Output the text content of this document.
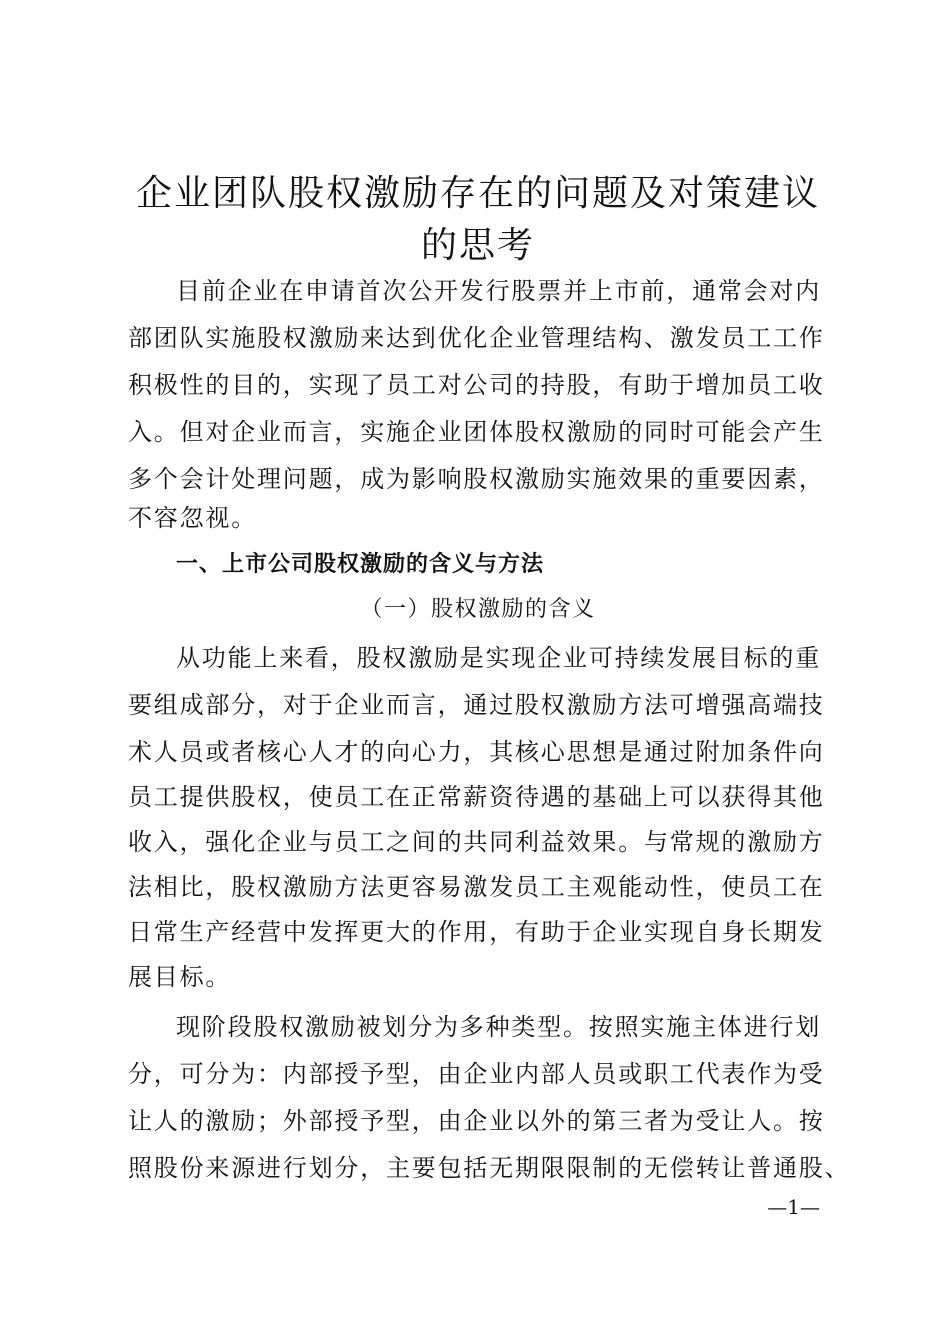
企业团队股权激励存在的问题及对策建议的思考
目前企业在申请首次公开发行股票并上市前，通常会对内
部团队实施股权激励来达到优化企业管理结构、激发员工工作
积极性的目的，实现了员工对公司的持股，有助于增加员工收
入。但对企业而言，实施企业团体股权激励的同时可能会产生
多个会计处理问题，成为影响股权激励实施效果的重要因素，
不容忽视。
一、上市公司股权激励的含义与方法
（一）股权激励的含义
从功能上来看，股权激励是实现企业可持续发展目标的重
要组成部分，对于企业而言，通过股权激励方法可增强高端技
术人员或者核心人才的向心力，其核心思想是通过附加条件向
员工提供股权，使员工在正常薪资待遇的基础上可以获得其他
收入，强化企业与员工之间的共同利益效果。与常规的激励方
法相比，股权激励方法更容易激发员工主观能动性，使员工在
日常生产经营中发挥更大的作用，有助于企业实现自身长期发
展目标。
现阶段股权激励被划分为多种类型。按照实施主体进行划
分，可分为：内部授予型，由企业内部人员或职工代表作为受
让人的激励；外部授予型，由企业以外的第三者为受让人。按
照股份来源进行划分，主要包括无期限限制的无偿转让普通股、
—1—
